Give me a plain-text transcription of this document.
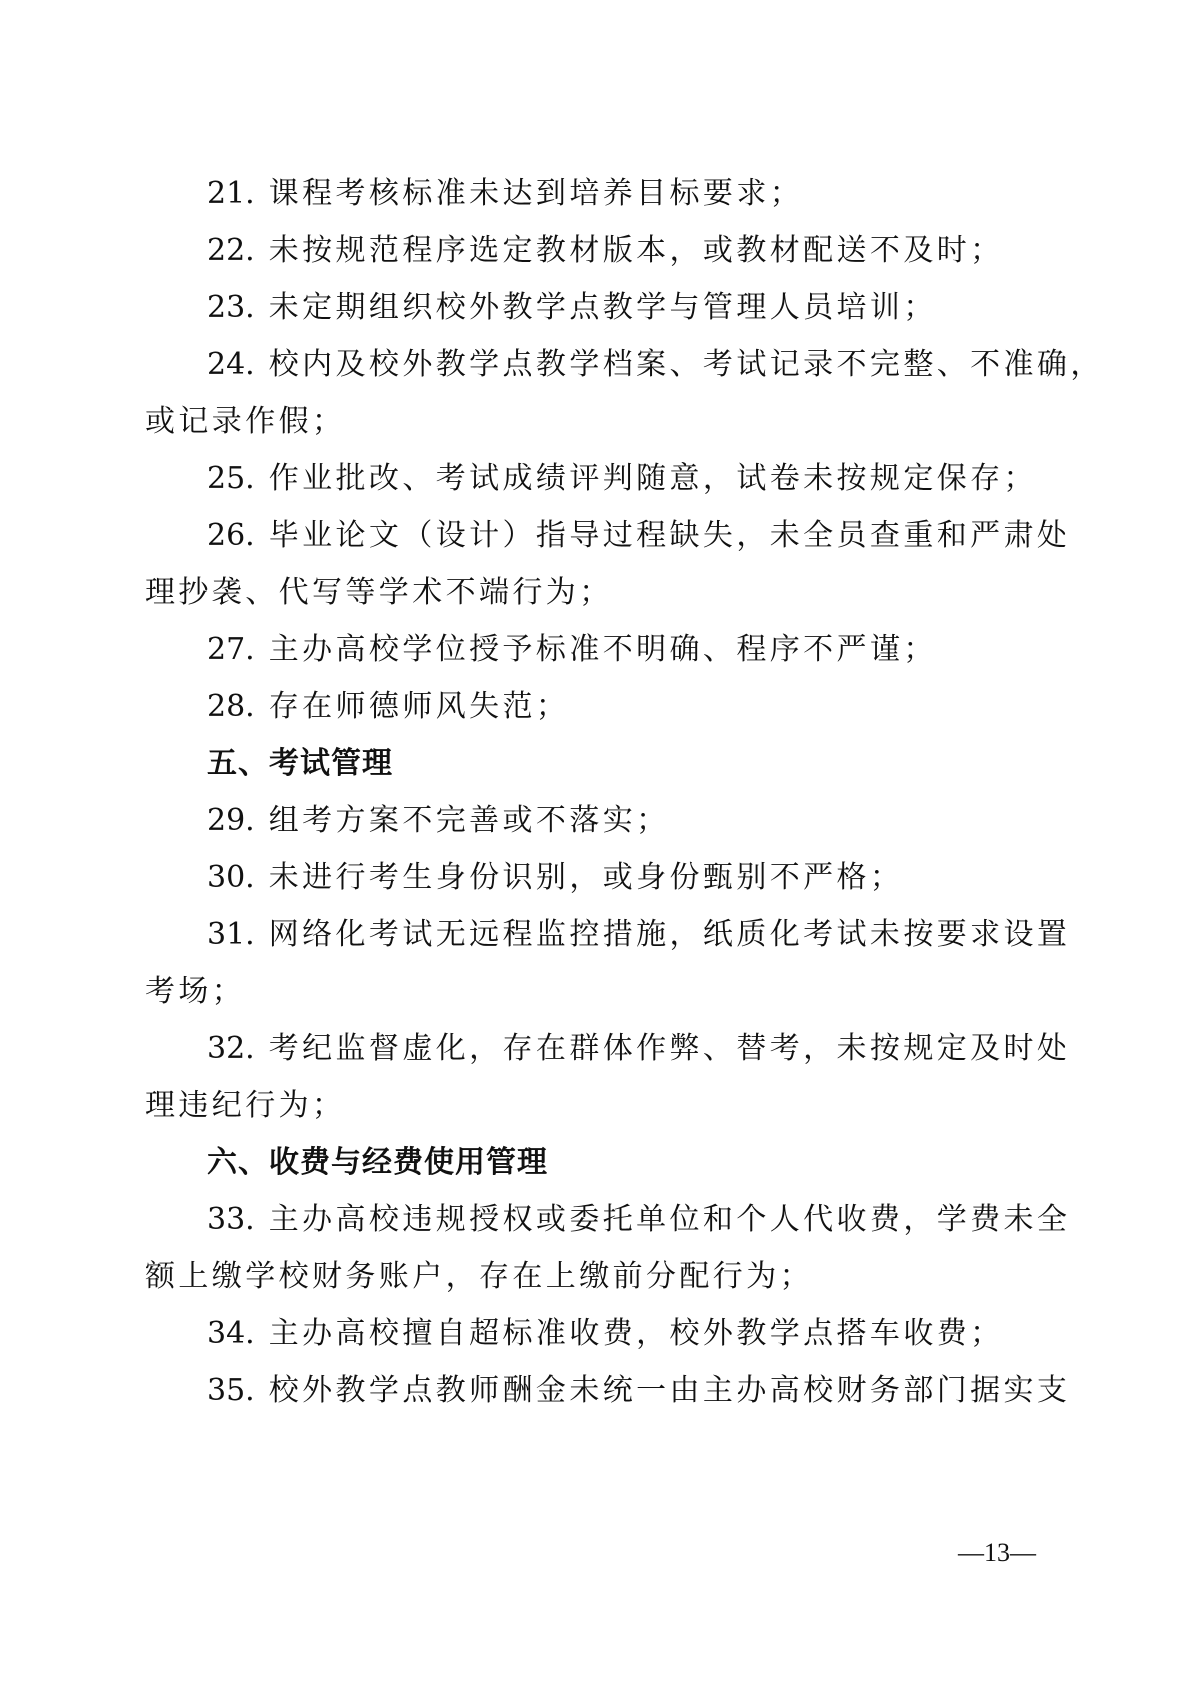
21. 课程考核标准未达到培养目标要求；
22. 未按规范程序选定教材版本，或教材配送不及时；
23. 未定期组织校外教学点教学与管理人员培训；
24. 校内及校外教学点教学档案、考试记录不完整、不准确，
或记录作假；
25. 作业批改、考试成绩评判随意，试卷未按规定保存；
26. 毕业论文（设计）指导过程缺失，未全员查重和严肃处
理抄袭、代写等学术不端行为；
27. 主办高校学位授予标准不明确、程序不严谨；
28. 存在师德师风失范；
五、考试管理
29. 组考方案不完善或不落实；
30. 未进行考生身份识别，或身份甄别不严格；
31. 网络化考试无远程监控措施，纸质化考试未按要求设置
考场；
32. 考纪监督虚化，存在群体作弊、替考，未按规定及时处
理违纪行为；
六、收费与经费使用管理
33. 主办高校违规授权或委托单位和个人代收费，学费未全
额上缴学校财务账户，存在上缴前分配行为；
34. 主办高校擅自超标准收费，校外教学点搭车收费；
35. 校外教学点教师酬金未统一由主办高校财务部门据实支
—13—
